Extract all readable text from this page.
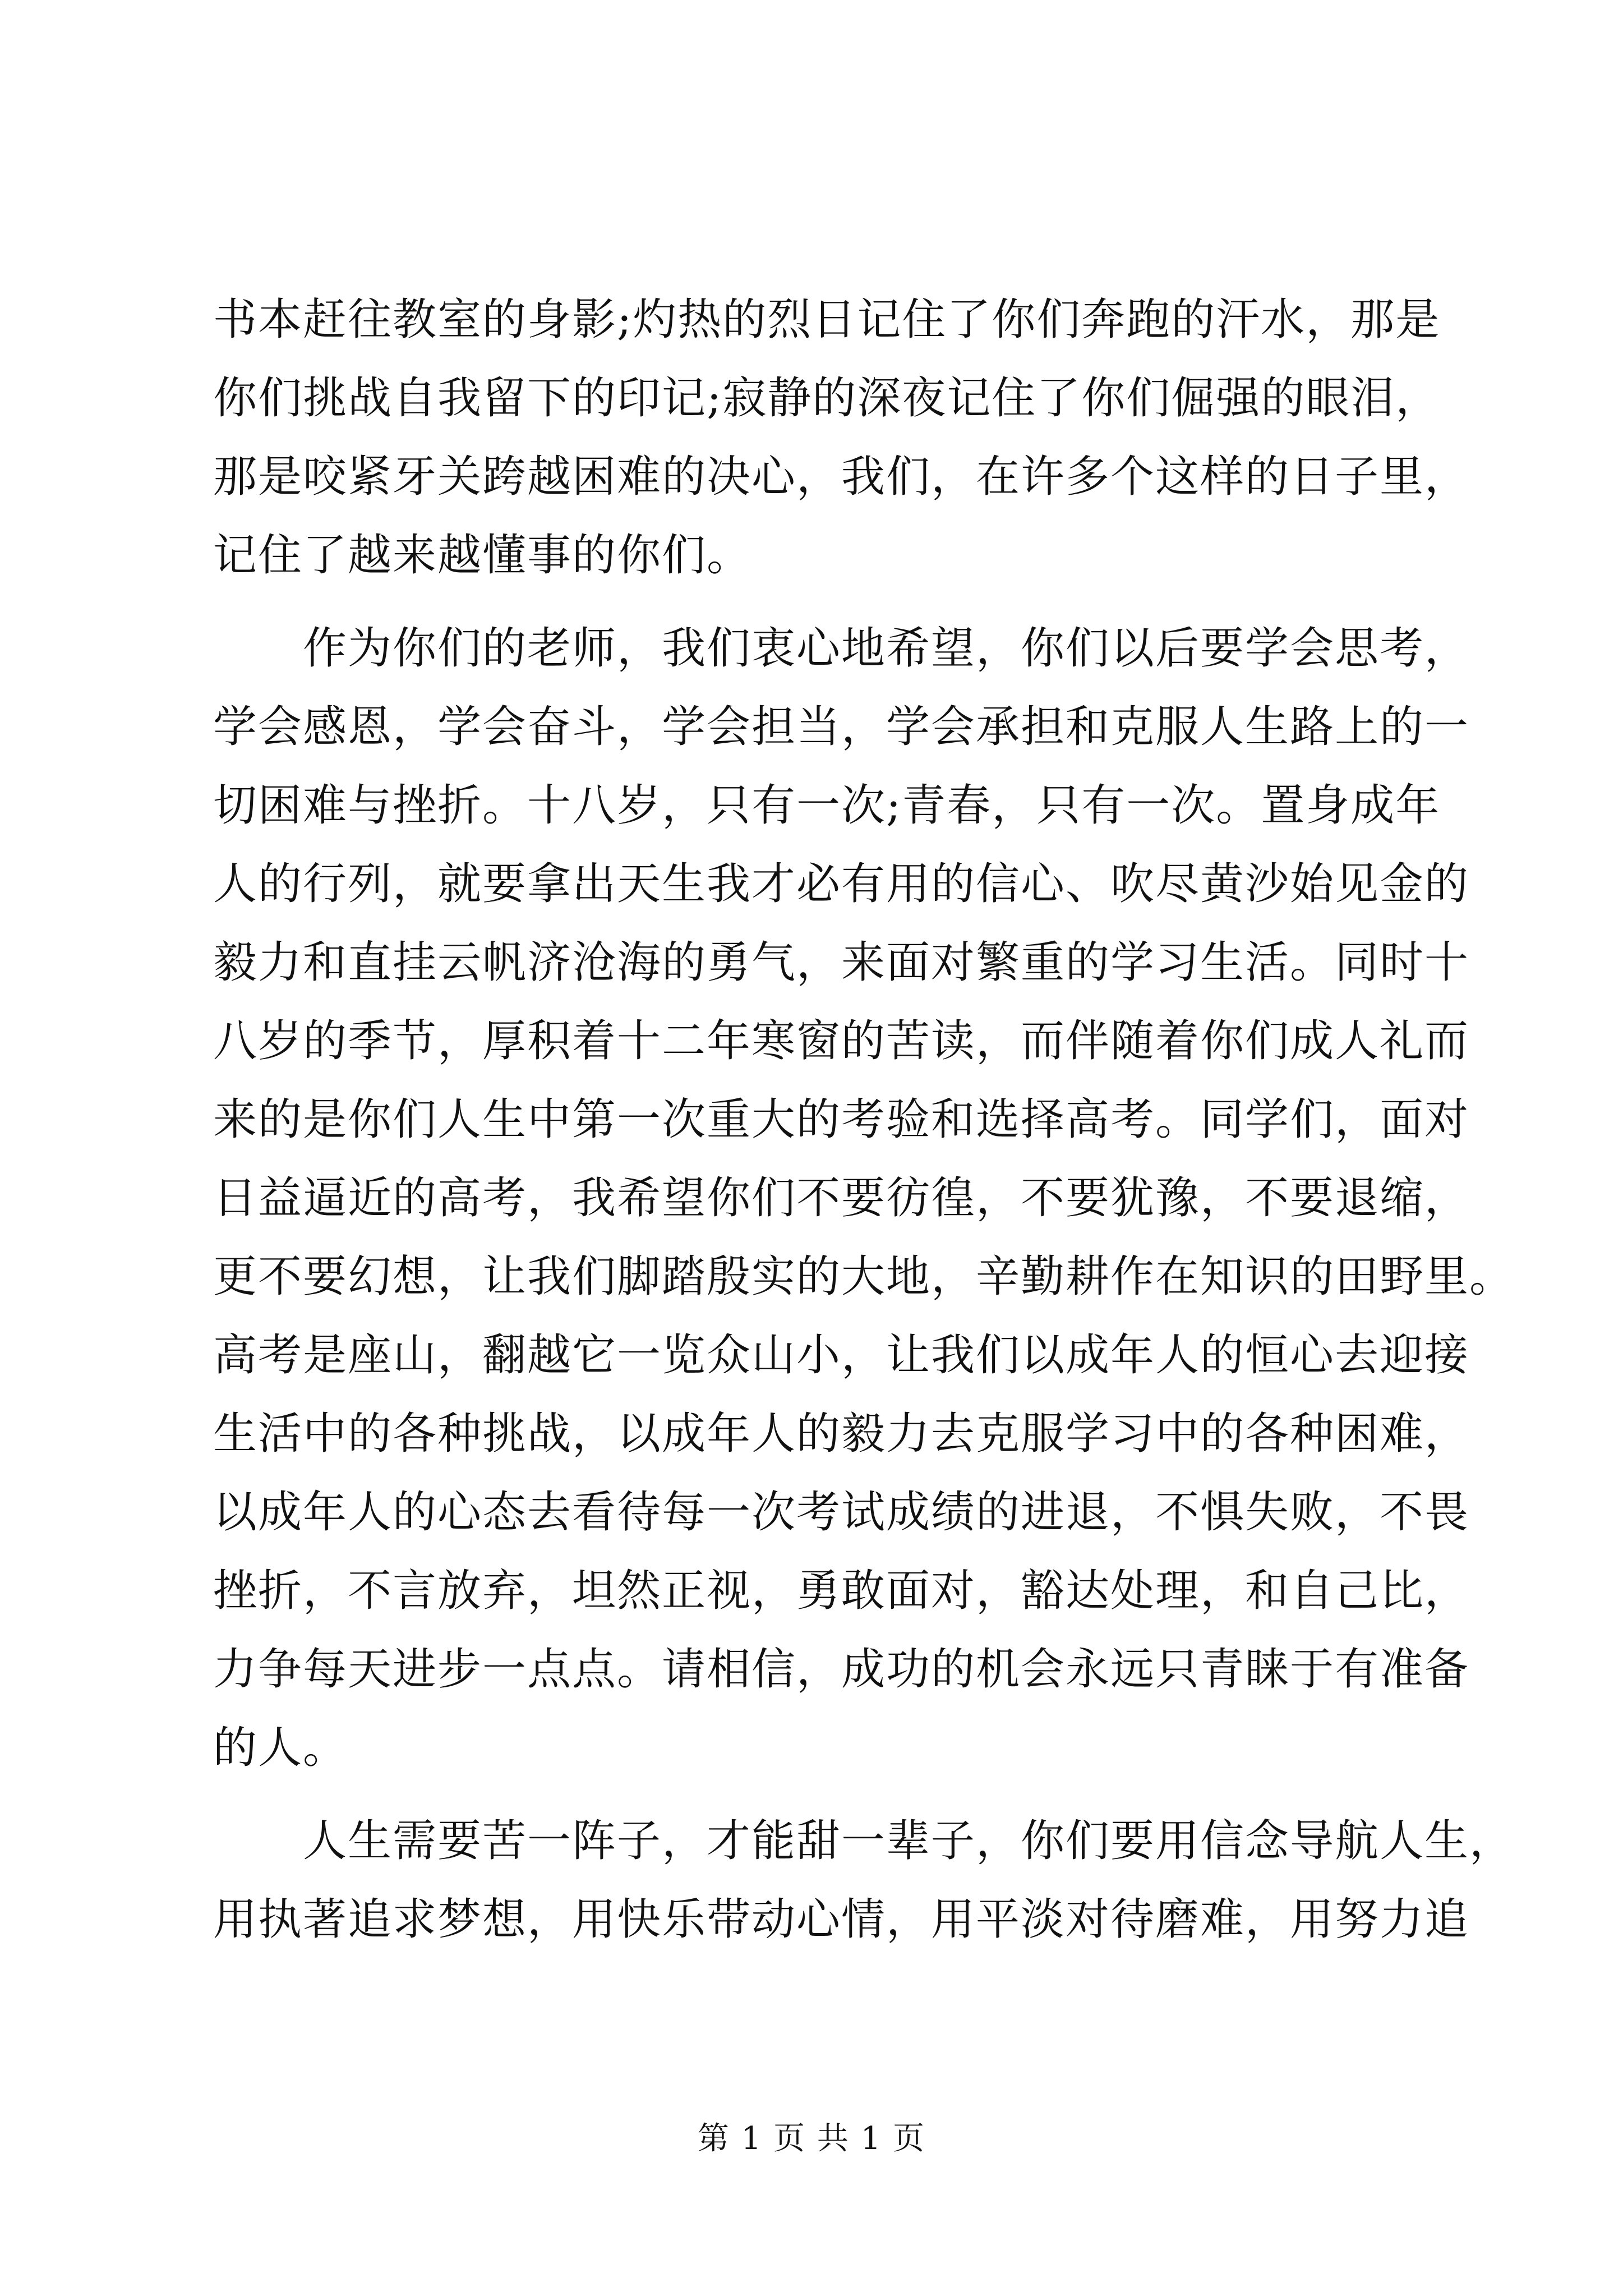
书本赶往教室的身影;灼热的烈日记住了你们奔跑的汗水，那是
你们挑战自我留下的印记;寂静的深夜记住了你们倔强的眼泪，
那是咬紧牙关跨越困难的决心，我们，在许多个这样的日子里，
记住了越来越懂事的你们。
作为你们的老师，我们衷心地希望，你们以后要学会思考，
学会感恩，学会奋斗，学会担当，学会承担和克服人生路上的一
切困难与挫折。十八岁，只有一次;青春，只有一次。置身成年
人的行列，就要拿出天生我才必有用的信心、吹尽黄沙始见金的
毅力和直挂云帆济沧海的勇气，来面对繁重的学习生活。同时十
八岁的季节，厚积着十二年寒窗的苦读，而伴随着你们成人礼而
来的是你们人生中第一次重大的考验和选择高考。同学们，面对
日益逼近的高考，我希望你们不要彷徨，不要犹豫，不要退缩，
更不要幻想，让我们脚踏殷实的大地，辛勤耕作在知识的田野里。
高考是座山，翻越它一览众山小，让我们以成年人的恒心去迎接
生活中的各种挑战，以成年人的毅力去克服学习中的各种困难，
以成年人的心态去看待每一次考试成绩的进退，不惧失败，不畏
挫折，不言放弃，坦然正视，勇敢面对，豁达处理，和自己比，
力争每天进步一点点。请相信，成功的机会永远只青睐于有准备
的人。
人生需要苦一阵子，才能甜一辈子，你们要用信念导航人生，
用执著追求梦想，用快乐带动心情，用平淡对待磨难，用努力追
第 1 页 共 1 页
